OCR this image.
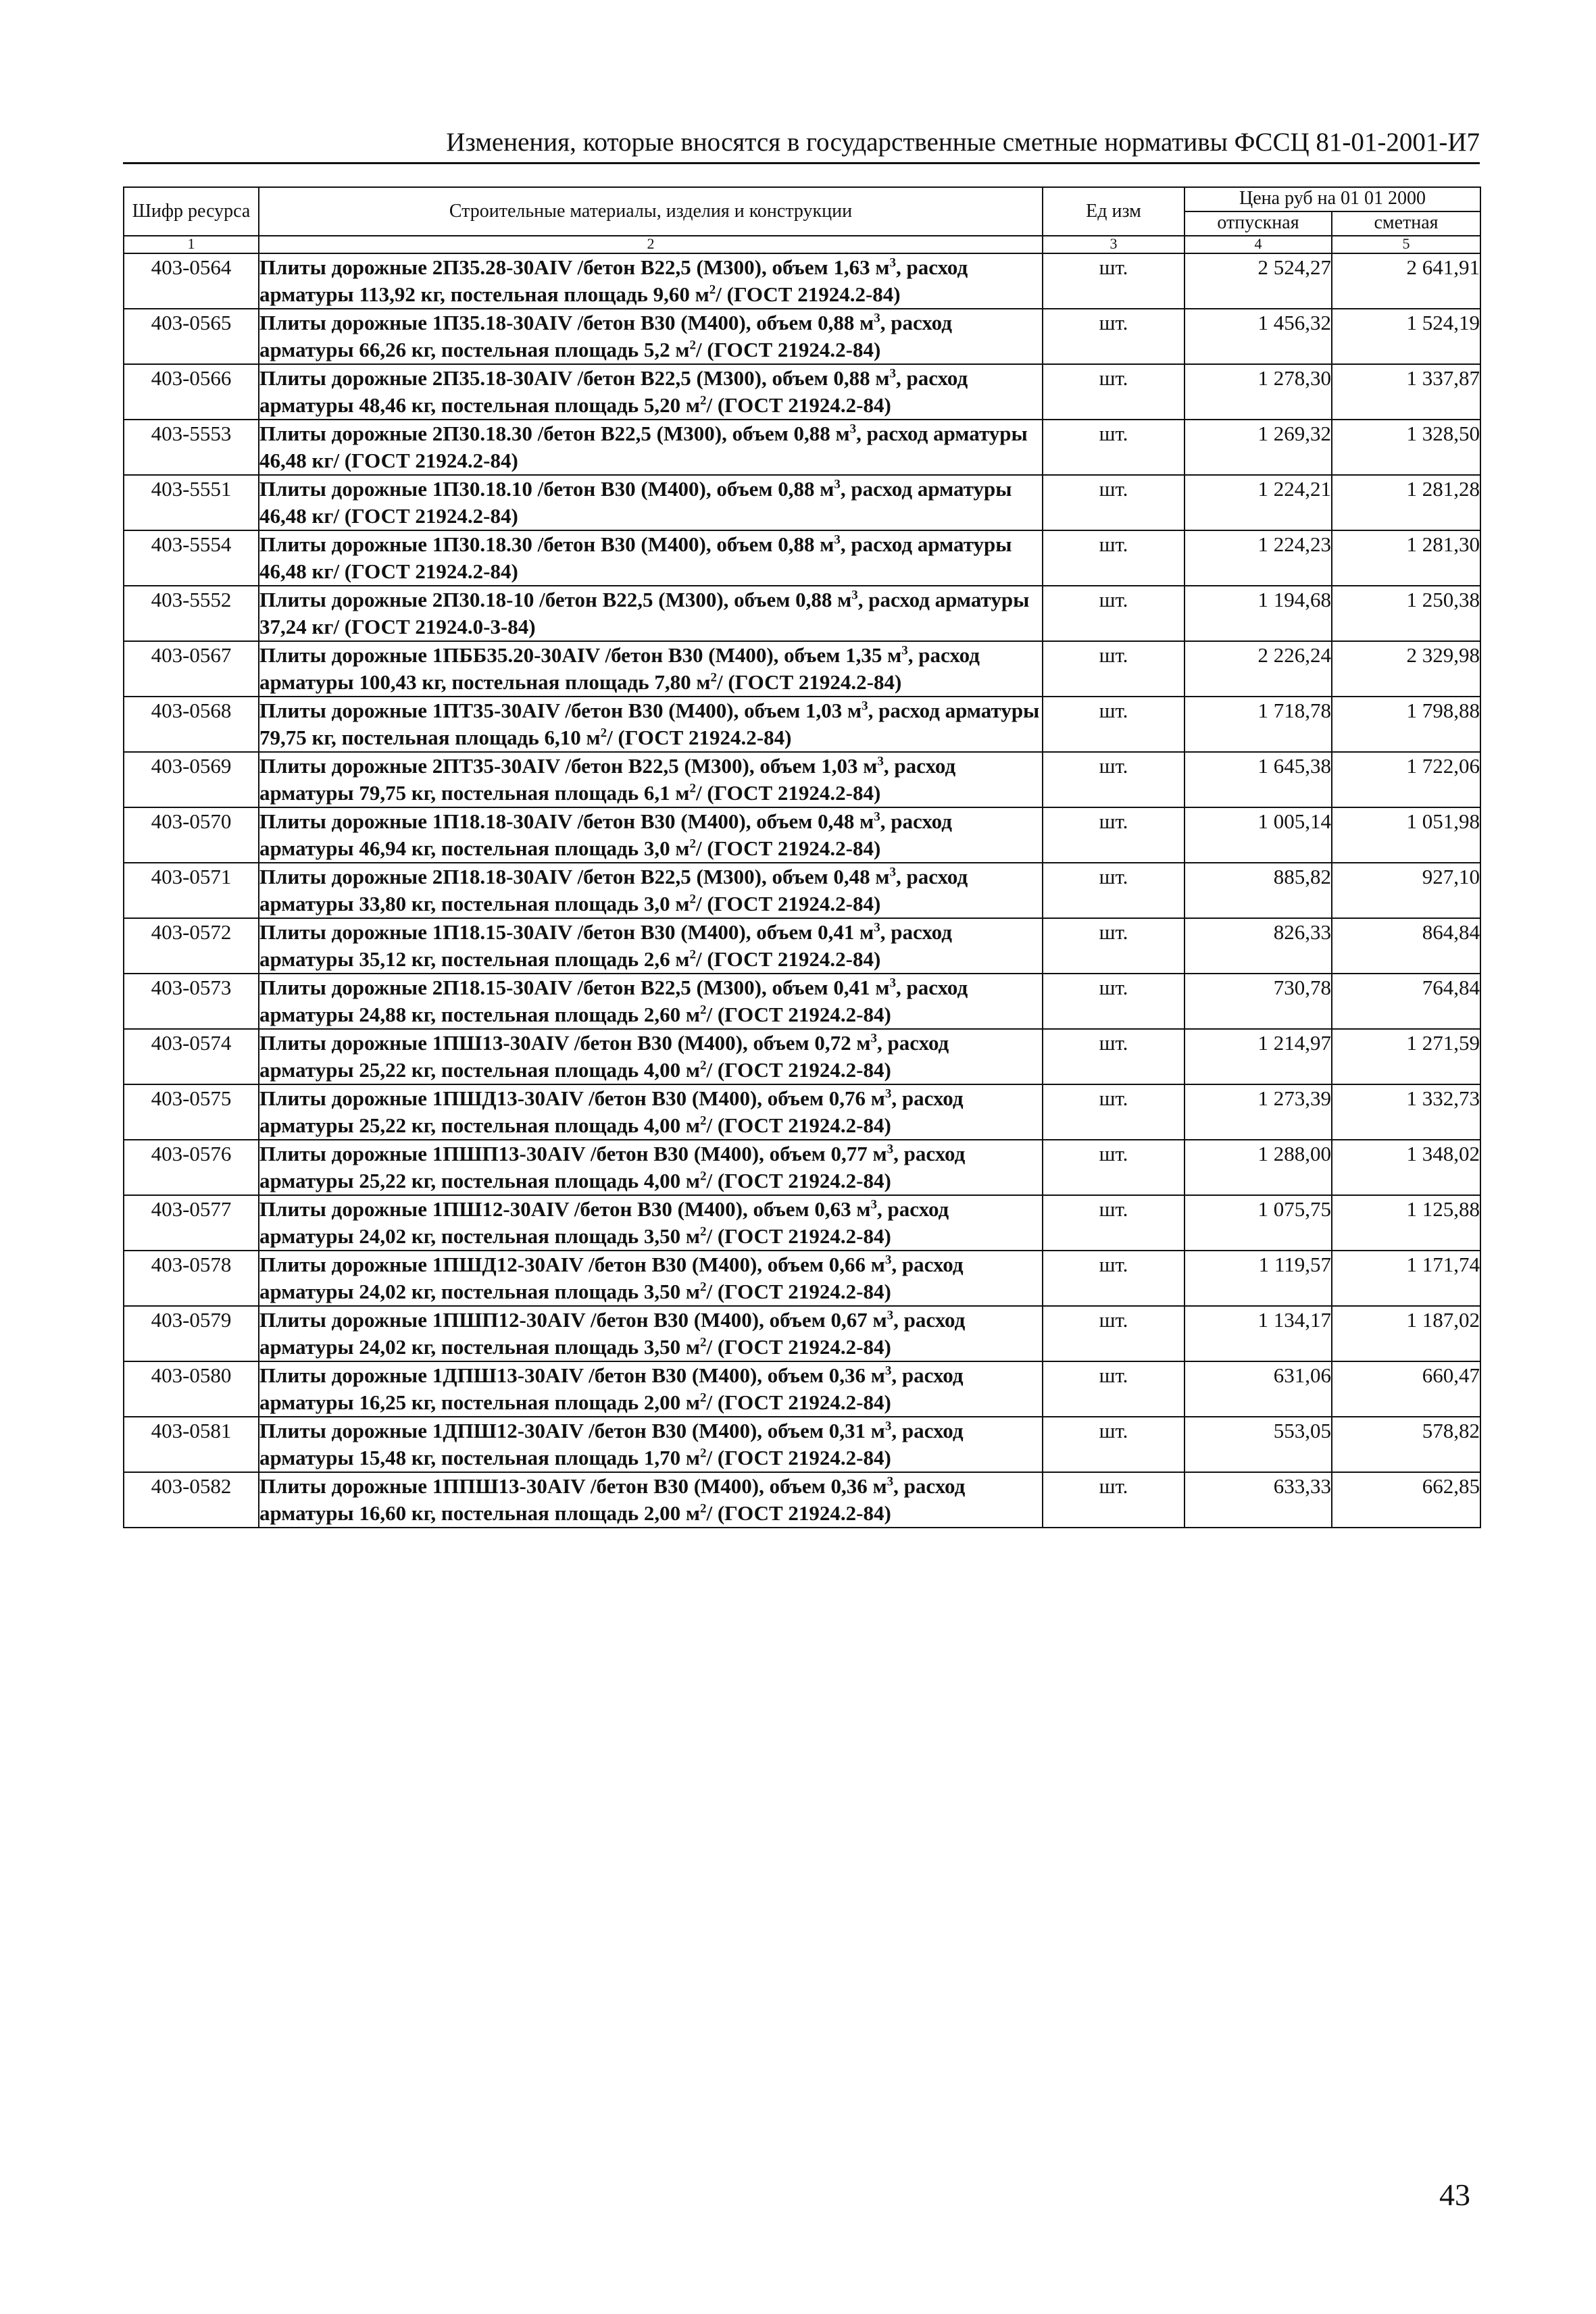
Изменения, которые вносятся в государственные сметные нормативы ФССЦ 81-01-2001-И7
Шифр ресурса	Строительные материалы, изделия и конструкции	Ед изм	Цена руб на 01 01 2000	
			отпускная	сметная
1	2	3	4	5
403-0564	Плиты дорожные 2П35.28-30AIV /бетон В22,5 (М300), объем 1,63 $м^3$, расход арматуры 113,92 кг, постельная площадь 9,60 $м^2/$ (ГОСТ 21924.2-84)	шт.	2 524,27	2 641,91
403-0565	Плиты дорожные 1П35.18-30AIV /бетон В30 (М400), объем 0,88 $м^3$, расход арматуры 66,26 кг, постельная площадь 5,2 $м^2/$ (ГОСТ 21924.2-84)	шт.	1 456,32	1 524,19
403-0566	Плиты дорожные 2П35.18-30AIV /бетон В22,5 (М300), объем 0,88 $м^3$, расход арматуры 48,46 кг, постельная площадь 5,20 $м^2/$ (ГОСТ 21924.2-84)	шт.	1 278,30	1 337,87
403-5553	Плиты дорожные 2П30.18.30 /бетон В22,5 (М300), объем 0,88 $м^3$, расход арматуры 46,48 кг/ (ГОСТ 21924.2-84)	шт.	1 269,32	1 328,50
403-5551	Плиты дорожные 1П30.18.10 /бетон В30 (М400), объем 0,88 $м^3$, расход арматуры 46,48 кг/ (ГОСТ 21924.2-84)	шт.	1 224,21	1 281,28
403-5554	Плиты дорожные 1П30.18.30 /бетон В30 (М400), объем 0,88 $м^3$, расход арматуры 46,48 кг/ (ГОСТ 21924.2-84)	шт.	1 224,23	1 281,30
403-5552	Плиты дорожные 2П30.18-10 /бетон В22,5 (М300), объем 0,88 $м^3$, расход арматуры 37,24 кг/ (ГОСТ 21924.0-3-84)	шт.	1 194,68	1 250,38
403-0567	Плиты дорожные 1ПББ35.20-30AIV /бетон В30 (М400), объем 1,35 $м^3$, расход арматуры 100,43 кг, постельная площадь 7,80 $м^2/$ (ГОСТ 21924.2-84)	шт.	2 226,24	2 329,98
403-0568	Плиты дорожные 1ПТ35-30AIV /бетон В30 (М400), объем 1,03 $м^3$, расход арматуры 79,75 кг, постельная площадь 6,10 $м^2/$ (ГОСТ 21924.2-84)	шт.	1 718,78	1 798,88
403-0569	Плиты дорожные 2ПТ35-30AIV /бетон В22,5 (М300), объем 1,03 $м^3$, расход арматуры 79,75 кг, постельная площадь 6,1 $м^2/$ (ГОСТ 21924.2-84)	шт.	1 645,38	1 722,06
403-0570	Плиты дорожные 1П18.18-30AIV /бетон В30 (М400), объем 0,48 $м^3$, расход арматуры 46,94 кг, постельная площадь 3,0 $м^2/$ (ГОСТ 21924.2-84)	шт.	1 005,14	1 051,98
403-0571	Плиты дорожные 2П18.18-30AIV /бетон В22,5 (М300), объем 0,48 $м^3$, расход арматуры 33,80 кг, постельная площадь 3,0 $м^2/$ (ГОСТ 21924.2-84)	шт.	885,82	927,10
403-0572	Плиты дорожные 1П18.15-30AIV /бетон В30 (М400), объем 0,41 $м^3$, расход арматуры 35,12 кг, постельная площадь 2,6 $м^2/$ (ГОСТ 21924.2-84)	шт.	826,33	864,84
403-0573	Плиты дорожные 2П18.15-30AIV /бетон В22,5 (М300), объем 0,41 $м^3$, расход арматуры 24,88 кг, постельная площадь 2,60 $м^2/$ (ГОСТ 21924.2-84)	шт.	730,78	764,84
403-0574	Плиты дорожные 1ПШ13-30AIV /бетон В30 (М400), объем 0,72 $м^3$, расход арматуры 25,22 кг, постельная площадь 4,00 $м^2/$ (ГОСТ 21924.2-84)	шт.	1 214,97	1 271,59
403-0575	Плиты дорожные 1ПШД13-30AIV /бетон В30 (М400), объем 0,76 $м^3$, расход арматуры 25,22 кг, постельная площадь 4,00 $м^2/$ (ГОСТ 21924.2-84)	шт.	1 273,39	1 332,73
403-0576	Плиты дорожные 1ПШП13-30AIV /бетон В30 (М400), объем 0,77 $м^3$, расход арматуры 25,22 кг, постельная площадь 4,00 $м^2/$ (ГОСТ 21924.2-84)	шт.	1 288,00	1 348,02
403-0577	Плиты дорожные 1ПШ12-30AIV /бетон В30 (М400), объем 0,63 $м^3$, расход арматуры 24,02 кг, постельная площадь 3,50 $м^2/$ (ГОСТ 21924.2-84)	шт.	1 075,75	1 125,88
403-0578	Плиты дорожные 1ПШД12-30AIV /бетон В30 (М400), объем 0,66 $м^3$, расход арматуры 24,02 кг, постельная площадь 3,50 $м^2/$ (ГОСТ 21924.2-84)	шт.	1 119,57	1 171,74
403-0579	Плиты дорожные 1ПШП12-30AIV /бетон В30 (М400), объем 0,67 $м^3$, расход арматуры 24,02 кг, постельная площадь 3,50 $м^2/$ (ГОСТ 21924.2-84)	шт.	1 134,17	1 187,02
403-0580	Плиты дорожные 1ДПШ13-30AIV /бетон В30 (М400), объем 0,36 $м^3$, расход арматуры 16,25 кг, постельная площадь 2,00 $м^2/$ (ГОСТ 21924.2-84)	шт.	631,06	660,47
403-0581	Плиты дорожные 1ДПШ12-30AIV /бетон В30 (М400), объем 0,31 $м^3$, расход арматуры 15,48 кг, постельная площадь 1,70 $м^2/$ (ГОСТ 21924.2-84)	шт.	553,05	578,82
403-0582	Плиты дорожные 1ППШ13-30AIV /бетон В30 (М400), объем 0,36 $м^3$, расход арматуры 16,60 кг, постельная площадь 2,00 $м^2/$ (ГОСТ 21924.2-84)	шт.	633,33	662,85
43
